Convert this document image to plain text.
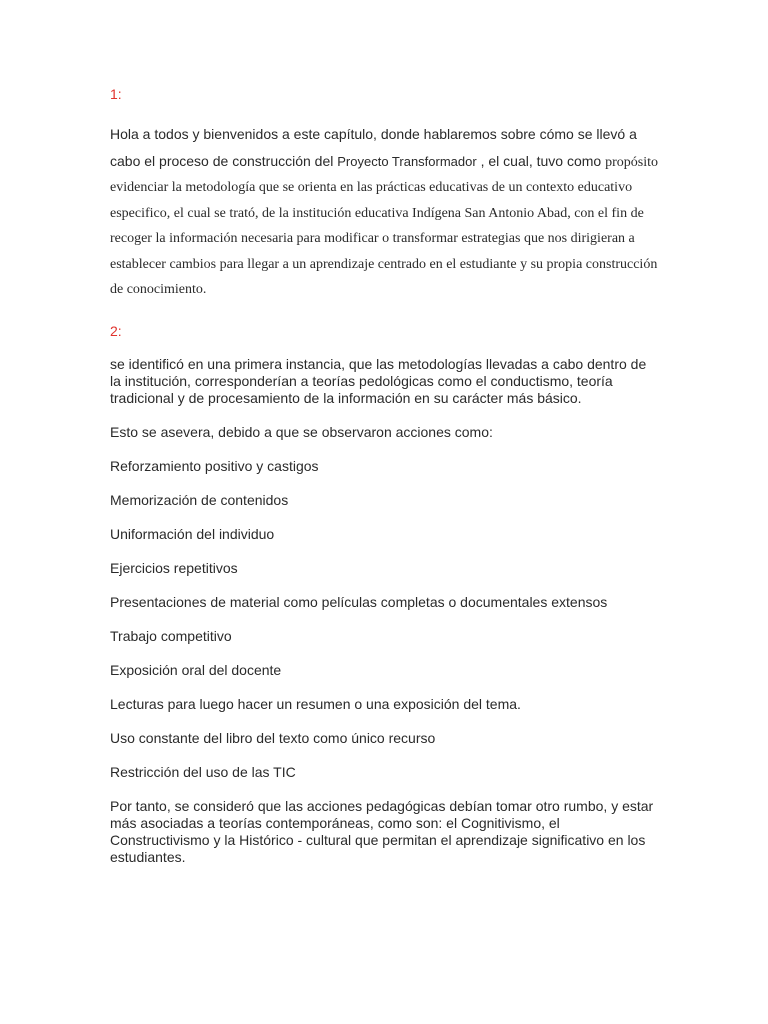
1:

Hola a todos y bienvenidos a este capítulo, donde hablaremos sobre cómo se llevó a cabo el proceso de construcción del Proyecto Transformador , el cual, tuvo como propósito evidenciar la metodología que se orienta en las prácticas educativas de un contexto educativo especifico, el cual se trató, de la institución educativa Indígena San Antonio Abad, con el fin de recoger la información necesaria para modificar o transformar estrategias que nos dirigieran a establecer cambios para llegar a un aprendizaje centrado en el estudiante y su propia construcción de conocimiento.

2:

se identificó en una primera instancia, que las metodologías llevadas a cabo dentro de la institución, corresponderían a teorías pedológicas como el conductismo, teoría tradicional y de procesamiento de la información en su carácter más básico.

Esto se asevera, debido a que se observaron acciones como:

Reforzamiento positivo y castigos

Memorización de contenidos

Uniformación del individuo

Ejercicios repetitivos

Presentaciones de material como películas completas o documentales extensos

Trabajo competitivo

Exposición oral del docente

Lecturas para luego hacer un resumen o una exposición del tema.

Uso constante del libro del texto como único recurso

Restricción del uso de las TIC

Por tanto, se consideró que las acciones pedagógicas debían tomar otro rumbo, y estar más asociadas a teorías contemporáneas, como son: el Cognitivismo, el Constructivismo y la Histórico - cultural que permitan el aprendizaje significativo en los estudiantes.
